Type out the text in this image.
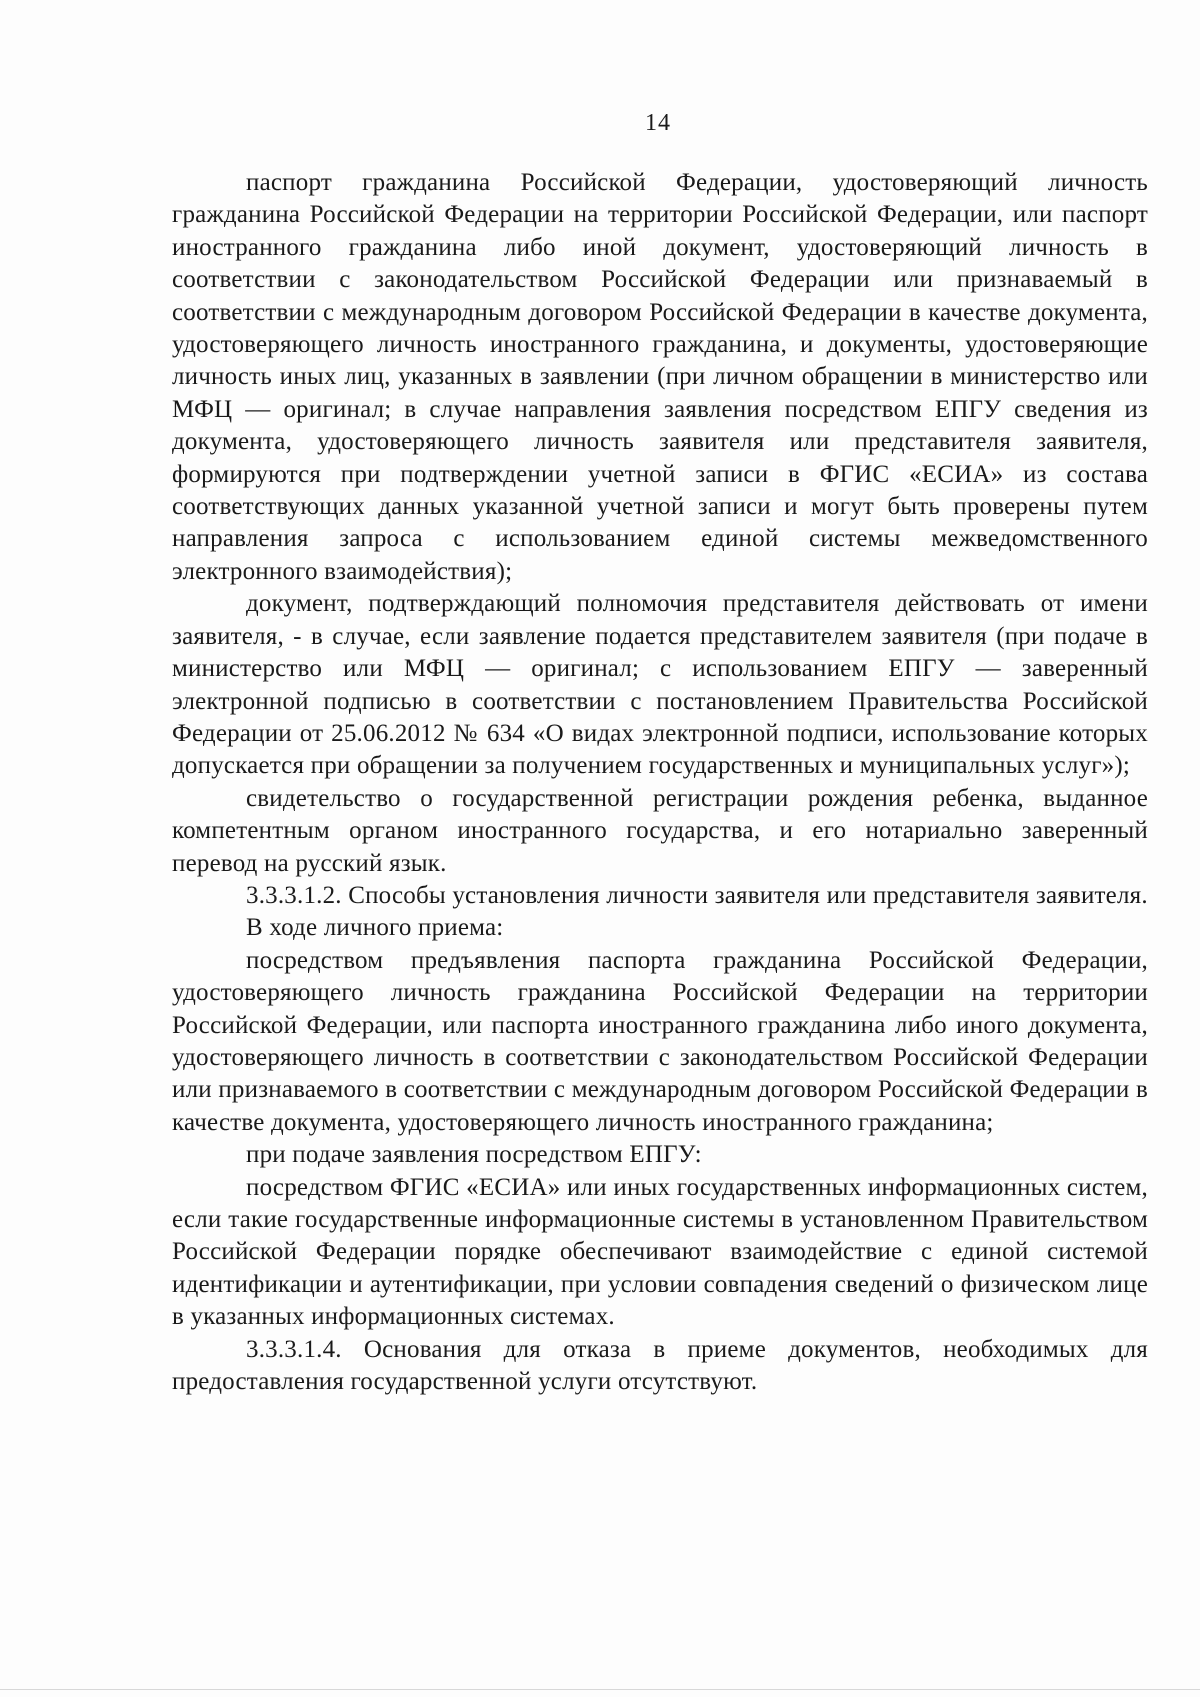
14

паспорт гражданина Российской Федерации, удостоверяющий личность гражданина Российской Федерации на территории Российской Федерации, или паспорт иностранного гражданина либо иной документ, удостоверяющий личность в соответствии с законодательством Российской Федерации или признаваемый в соответствии с международным договором Российской Федерации в качестве документа, удостоверяющего личность иностранного гражданина, и документы, удостоверяющие личность иных лиц, указанных в заявлении (при личном обращении в министерство или МФЦ — оригинал; в случае направления заявления посредством ЕПГУ сведения из документа, удостоверяющего личность заявителя или представителя заявителя, формируются при подтверждении учетной записи в ФГИС «ЕСИА» из состава соответствующих данных указанной учетной записи и могут быть проверены путем направления запроса с использованием единой системы межведомственного электронного взаимодействия);

документ, подтверждающий полномочия представителя действовать от имени заявителя, - в случае, если заявление подается представителем заявителя (при подаче в министерство или МФЦ — оригинал; с использованием ЕПГУ — заверенный электронной подписью в соответствии с постановлением Правительства Российской Федерации от 25.06.2012 № 634 «О видах электронной подписи, использование которых допускается при обращении за получением государственных и муниципальных услуг»);

свидетельство о государственной регистрации рождения ребенка, выданное компетентным органом иностранного государства, и его нотариально заверенный перевод на русский язык.

3.3.3.1.2. Способы установления личности заявителя или представителя заявителя.

В ходе личного приема:

посредством предъявления паспорта гражданина Российской Федерации, удостоверяющего личность гражданина Российской Федерации на территории Российской Федерации, или паспорта иностранного гражданина либо иного документа, удостоверяющего личность в соответствии с законодательством Российской Федерации или признаваемого в соответствии с международным договором Российской Федерации в качестве документа, удостоверяющего личность иностранного гражданина;

при подаче заявления посредством ЕПГУ:

посредством ФГИС «ЕСИА» или иных государственных информационных систем, если такие государственные информационные системы в установленном Правительством Российской Федерации порядке обеспечивают взаимодействие с единой системой идентификации и аутентификации, при условии совпадения сведений о физическом лице в указанных информационных системах.

3.3.3.1.4. Основания для отказа в приеме документов, необходимых для предоставления государственной услуги отсутствуют.
